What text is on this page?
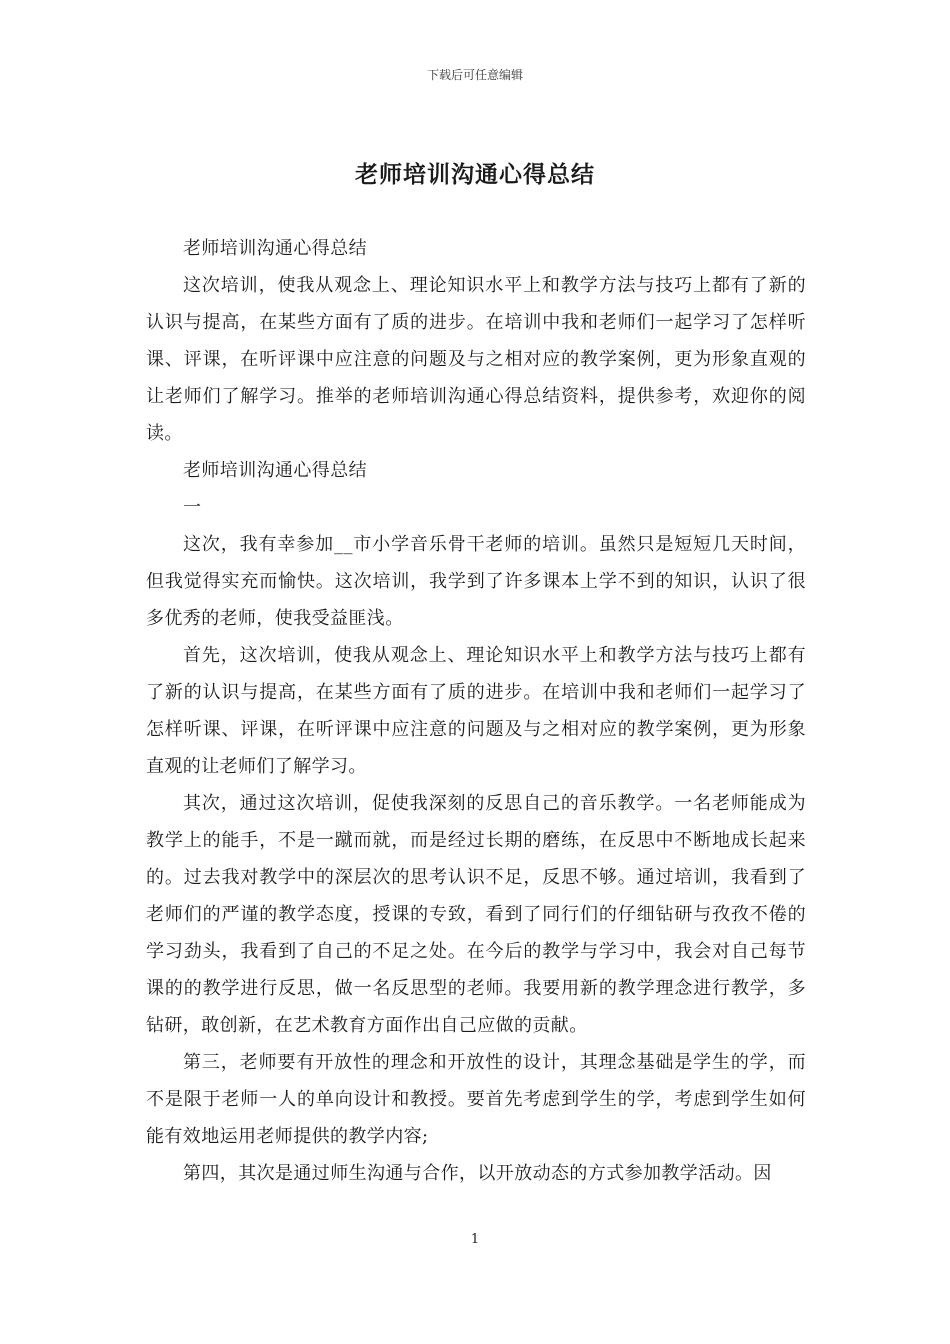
下载后可任意编辑
老师培训沟通心得总结

老师培训沟通心得总结

这次培训，使我从观念上、理论知识水平上和教学方法与技巧上都有了新的认识与提高，在某些方面有了质的进步。在培训中我和老师们一起学习了怎样听课、评课，在听评课中应注意的问题及与之相对应的教学案例，更为形象直观的让老师们了解学习。推举的老师培训沟通心得总结资料，提供参考，欢迎你的阅读。

老师培训沟通心得总结

一

这次，我有幸参加__市小学音乐骨干老师的培训。虽然只是短短几天时间，但我觉得实充而愉快。这次培训，我学到了许多课本上学不到的知识，认识了很多优秀的老师，使我受益匪浅。

首先，这次培训，使我从观念上、理论知识水平上和教学方法与技巧上都有了新的认识与提高，在某些方面有了质的进步。在培训中我和老师们一起学习了怎样听课、评课，在听评课中应注意的问题及与之相对应的教学案例，更为形象直观的让老师们了解学习。

其次，通过这次培训，促使我深刻的反思自己的音乐教学。一名老师能成为教学上的能手，不是一蹴而就，而是经过长期的磨练，在反思中不断地成长起来的。过去我对教学中的深层次的思考认识不足，反思不够。通过培训，我看到了老师们的严谨的教学态度，授课的专致，看到了同行们的仔细钻研与孜孜不倦的学习劲头，我看到了自己的不足之处。在今后的教学与学习中，我会对自己每节课的的教学进行反思，做一名反思型的老师。我要用新的教学理念进行教学，多钻研，敢创新，在艺术教育方面作出自己应做的贡献。

第三，老师要有开放性的理念和开放性的设计，其理念基础是学生的学，而不是限于老师一人的单向设计和教授。要首先考虑到学生的学，考虑到学生如何能有效地运用老师提供的教学内容;

第四，其次是通过师生沟通与合作，以开放动态的方式参加教学活动。因

1
